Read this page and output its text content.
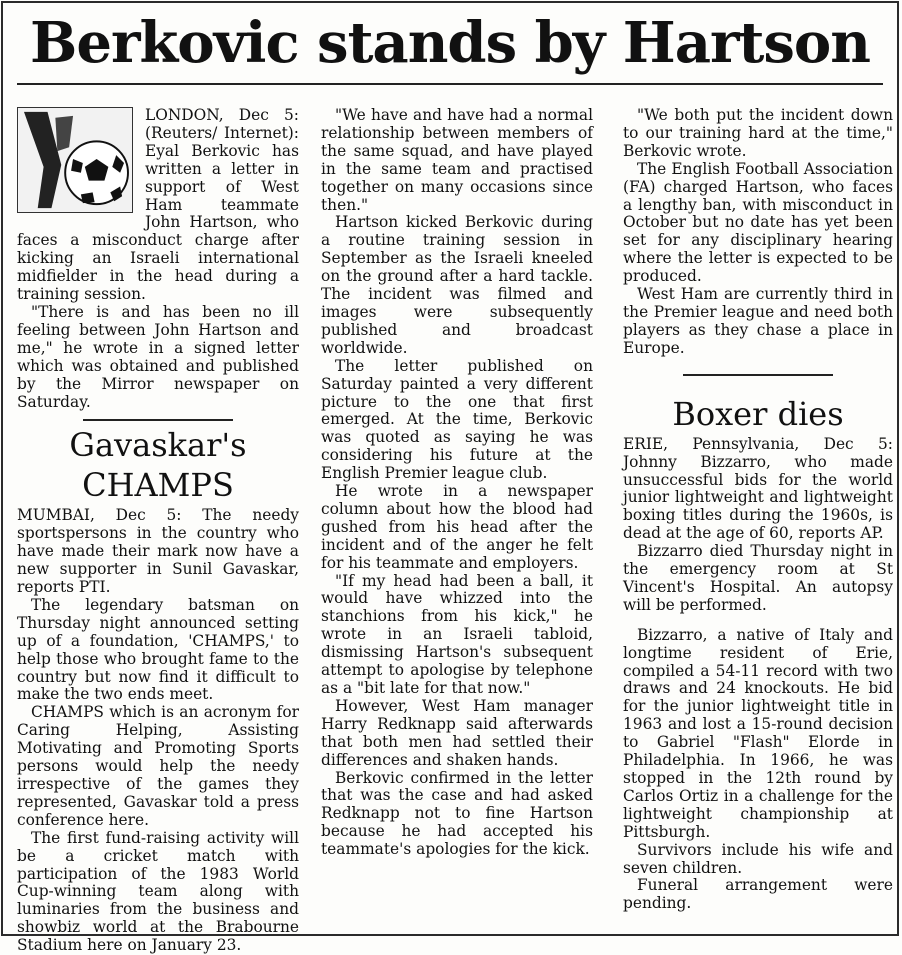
Berkovic stands by Hartson

LONDON, Dec 5: (Reuters/ Internet): Eyal Berkovic has written a letter in support of West Ham teammate John Hartson, who faces a misconduct charge after kicking an Israeli international midfielder in the head during a training session.

"There is and has been no ill feeling between John Hartson and me," he wrote in a signed letter which was obtained and published by the Mirror newspaper on Saturday.

Gavaskar's
CHAMPS

MUMBAI, Dec 5: The needy sportspersons in the country who have made their mark now have a new supporter in Sunil Gavaskar, reports PTI.

The legendary batsman on Thursday night announced setting up of a foundation, 'CHAMPS,' to help those who brought fame to the country but now find it difficult to make the two ends meet.

CHAMPS which is an acronym for Caring Helping, Assisting Motivating and Promoting Sports persons would help the needy irrespective of the games they represented, Gavaskar told a press conference here.

The first fund-raising activity will be a cricket match with participation of the 1983 World Cup-winning team along with luminaries from the business and showbiz world at the Brabourne Stadium here on January 23.

"We have and have had a normal relationship between members of the same squad, and have played in the same team and practised together on many occasions since then."

Hartson kicked Berkovic during a routine training session in September as the Israeli kneeled on the ground after a hard tackle. The incident was filmed and images were subsequently published and broadcast worldwide.

The letter published on Saturday painted a very different picture to the one that first emerged. At the time, Berkovic was quoted as saying he was considering his future at the English Premier league club.

He wrote in a newspaper column about how the blood had gushed from his head after the incident and of the anger he felt for his teammate and employers.

"If my head had been a ball, it would have whizzed into the stanchions from his kick," he wrote in an Israeli tabloid, dismissing Hartson's subsequent attempt to apologise by telephone as a "bit late for that now."

However, West Ham manager Harry Redknapp said afterwards that both men had settled their differences and shaken hands.

Berkovic confirmed in the letter that was the case and had asked Redknapp not to fine Hartson because he had accepted his teammate's apologies for the kick.

"We both put the incident down to our training hard at the time," Berkovic wrote.

The English Football Association (FA) charged Hartson, who faces a lengthy ban, with misconduct in October but no date has yet been set for any disciplinary hearing where the letter is expected to be produced.

West Ham are currently third in the Premier league and need both players as they chase a place in Europe.

Boxer dies

ERIE, Pennsylvania, Dec 5: Johnny Bizzarro, who made unsuccessful bids for the world junior lightweight and lightweight boxing titles during the 1960s, is dead at the age of 60, reports AP.

Bizzarro died Thursday night in the emergency room at St Vincent's Hospital. An autopsy will be performed.

Bizzarro, a native of Italy and longtime resident of Erie, compiled a 54-11 record with two draws and 24 knockouts. He bid for the junior lightweight title in 1963 and lost a 15-round decision to Gabriel "Flash" Elorde in Philadelphia. In 1966, he was stopped in the 12th round by Carlos Ortiz in a challenge for the lightweight championship at Pittsburgh.

Survivors include his wife and seven children.

Funeral arrangement were pending.
